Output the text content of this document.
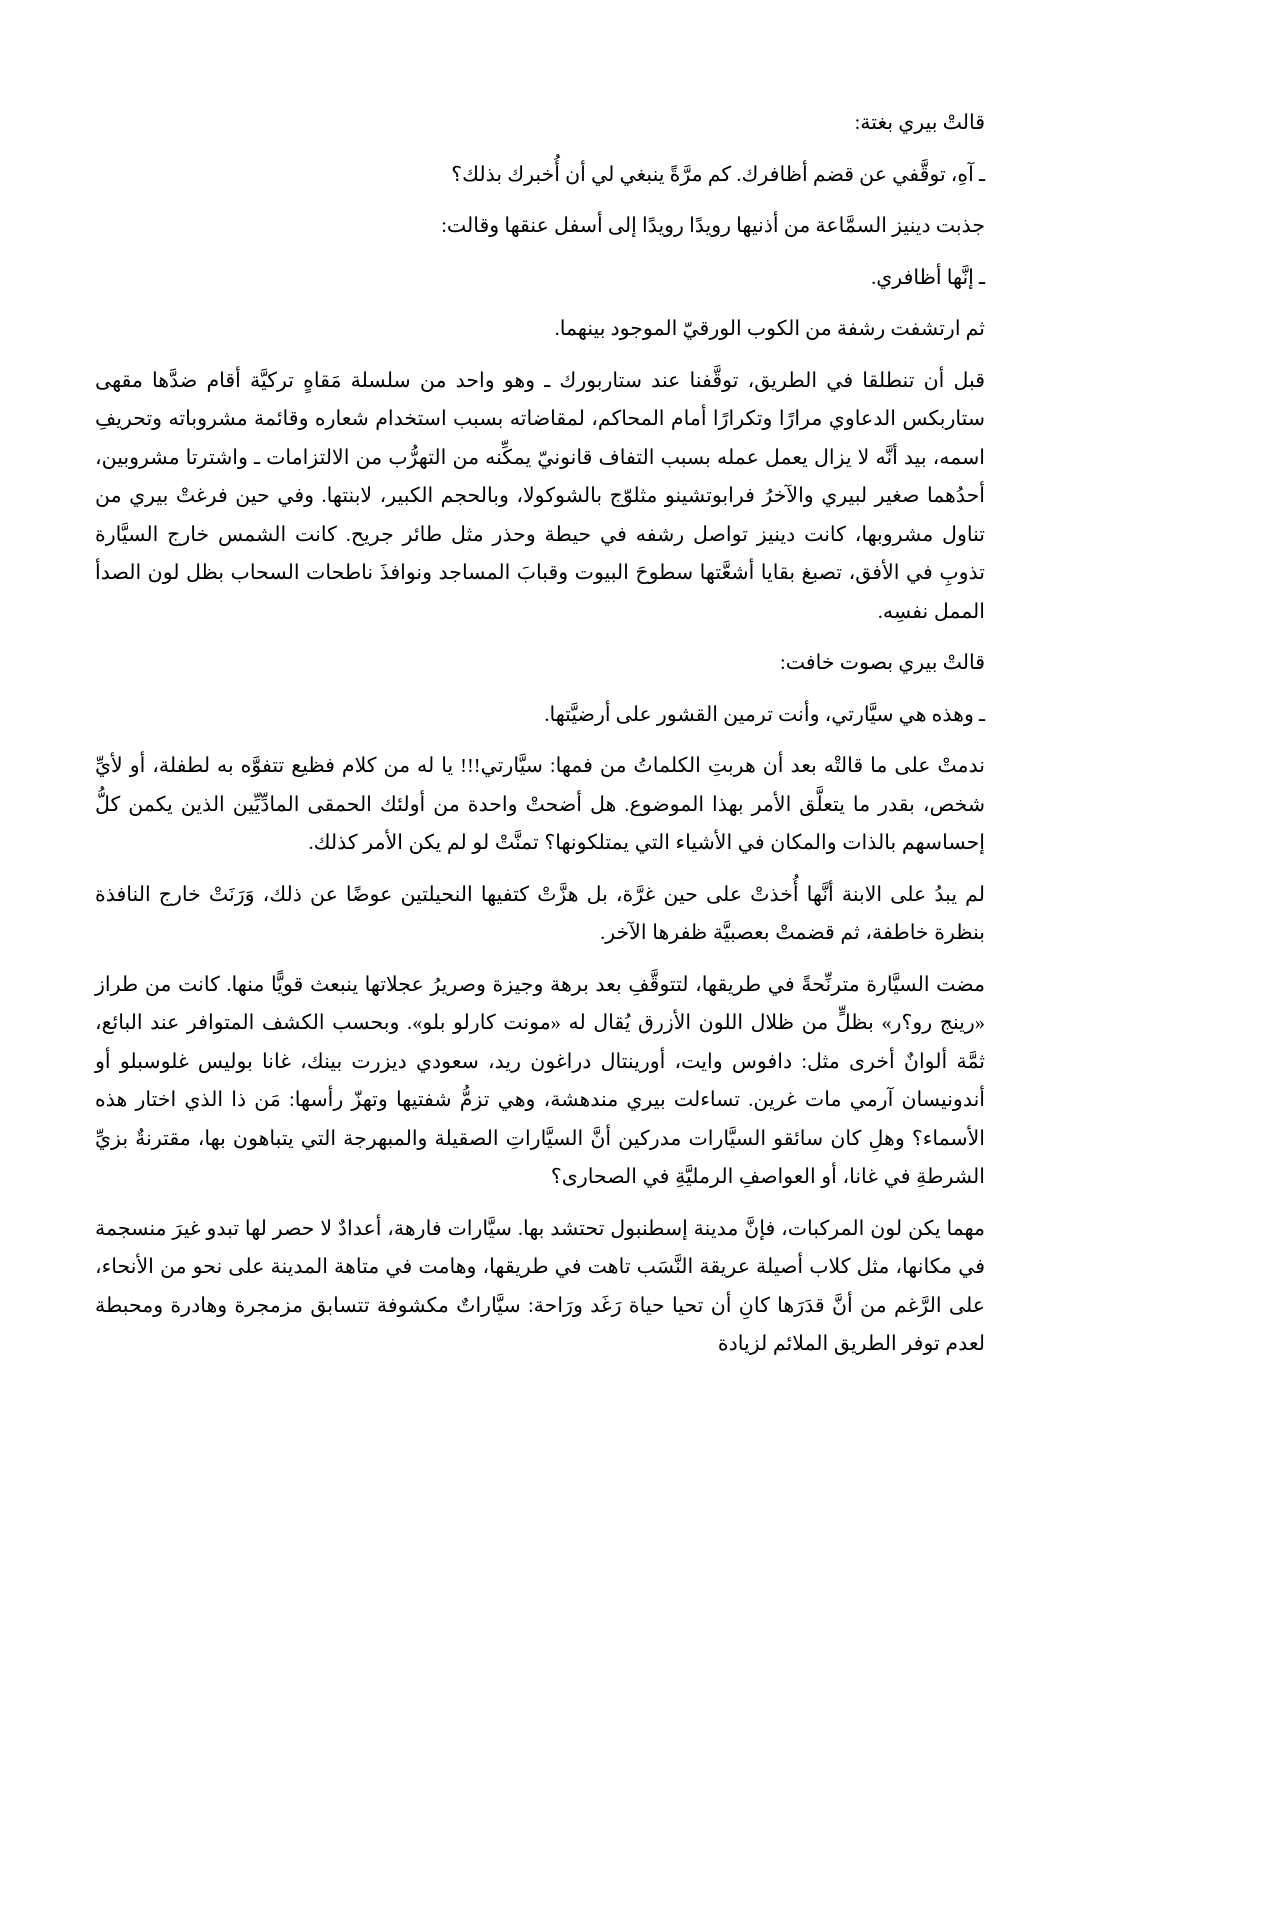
قالتْ بيري بغتة:

ـ آهِ، توقَّفي عن قضم أظافرك. كم مرَّةً ينبغي لي أن أُخبرك بذلك؟

جذبت دينيز السمَّاعة من أذنيها رويدًا رويدًا إلى أسفل عنقها وقالت:

ـ إنَّها أظافري.

ثم ارتشفت رشفة من الكوب الورقيّ الموجود بينهما.

قبل أن تنطلقا في الطريق، توقَّفنا عند ستاربورك ـ وهو واحد من سلسلة مَقاهٍ تركيَّة أقام ضدَّها مقهى ستاربكس الدعاوي مرارًا وتكرارًا أمام المحاكم، لمقاضاته بسبب استخدام شعاره وقائمة مشروباته وتحريفِ اسمه، بيد أنَّه لا يزال يعمل عمله بسبب التفاف قانونيّ يمكِّنه من التهرُّب من الالتزامات ـ واشترتا مشروبين، أحدُهما صغير لبيري والآخرُ فرابوتشينو مثلوّج بالشوكولا، وبالحجم الكبير، لابنتها. وفي حين فرغتْ بيري من تناول مشروبها، كانت دينيز تواصل رشفه في حيطة وحذر مثل طائر جريح. كانت الشمس خارج السيَّارة تذوبِ في الأفق، تصبغ بقايا أشعَّتها سطوحَ البيوت وقبابَ المساجد ونوافذَ ناطحات السحاب بظل لون الصدأ الممل نفسِه.

قالتْ بيري بصوت خافت:

ـ وهذه هي سيَّارتي، وأنت ترمين القشور على أرضيَّتها.

ندمتْ على ما قالتْه بعد أن هربتِ الكلماتُ من فمها: سيَّارتي!!! يا له من كلام فظيع تتفوَّه به لطفلة، أو لأيِّ شخص، بقدر ما يتعلَّق الأمر بهذا الموضوع. هل أضحتْ واحدة من أولئك الحمقى المادِّيِّين الذين يكمن كلُّ إحساسهم بالذات والمكان في الأشياء التي يمتلكونها؟ تمنَّتْ لو لم يكن الأمر كذلك.

لم يبدُ على الابنة أنَّها أُخذتْ على حين غرَّة، بل هزَّتْ كتفيها النحيلتين عوضًا عن ذلك، وَرَنَتْ خارج النافذة بنظرة خاطفة، ثم قضمتْ بعصبيَّة ظفرها الآخر.

مضت السيَّارة مترنِّحةً في طريقها، لتتوقَّفِ بعد برهة وجيزة وصريرُ عجلاتها ينبعث قويًّا منها. كانت من طراز «رينج رو؟ر» بظلٍّ من ظلال اللون الأزرق يُقال له «مونت كارلو بلو». وبحسب الكشف المتوافر عند البائع، ثمَّة ألوانٌ أخرى مثل: دافوس وايت، أورينتال دراغون ريد، سعودي ديزرت بينك، غانا بوليس غلوسبلو أو أندونيسان آرمي مات غرين. تساءلت بيري مندهشة، وهي تزمُّ شفتيها وتهزّ رأسها: مَن ذا الذي اختار هذه الأسماء؟ وهلِ كان سائقو السيَّارات مدركين أنَّ السيَّاراتِ الصقيلة والمبهرجة التي يتباهون بها، مقترنةٌ بزيِّ الشرطةِ في غانا، أو العواصفِ الرمليَّةِ في الصحارى؟

مهما يكن لون المركبات، فإنَّ مدينة إسطنبول تحتشد بها. سيَّارات فارهة، أعدادٌ لا حصر لها تبدو غيرَ منسجمة في مكانها، مثل كلاب أصيلة عريقة النَّسَب تاهت في طريقها، وهامت في متاهة المدينة على نحو من الأنحاء، على الرَّغم من أنَّ قدَرَها كانِ أن تحيا حياة رَغَد ورَاحة: سيَّاراتٌ مكشوفة تتسابق مزمجرة وهادرة ومحبطة لعدم توفر الطريق الملائم لزيادة
